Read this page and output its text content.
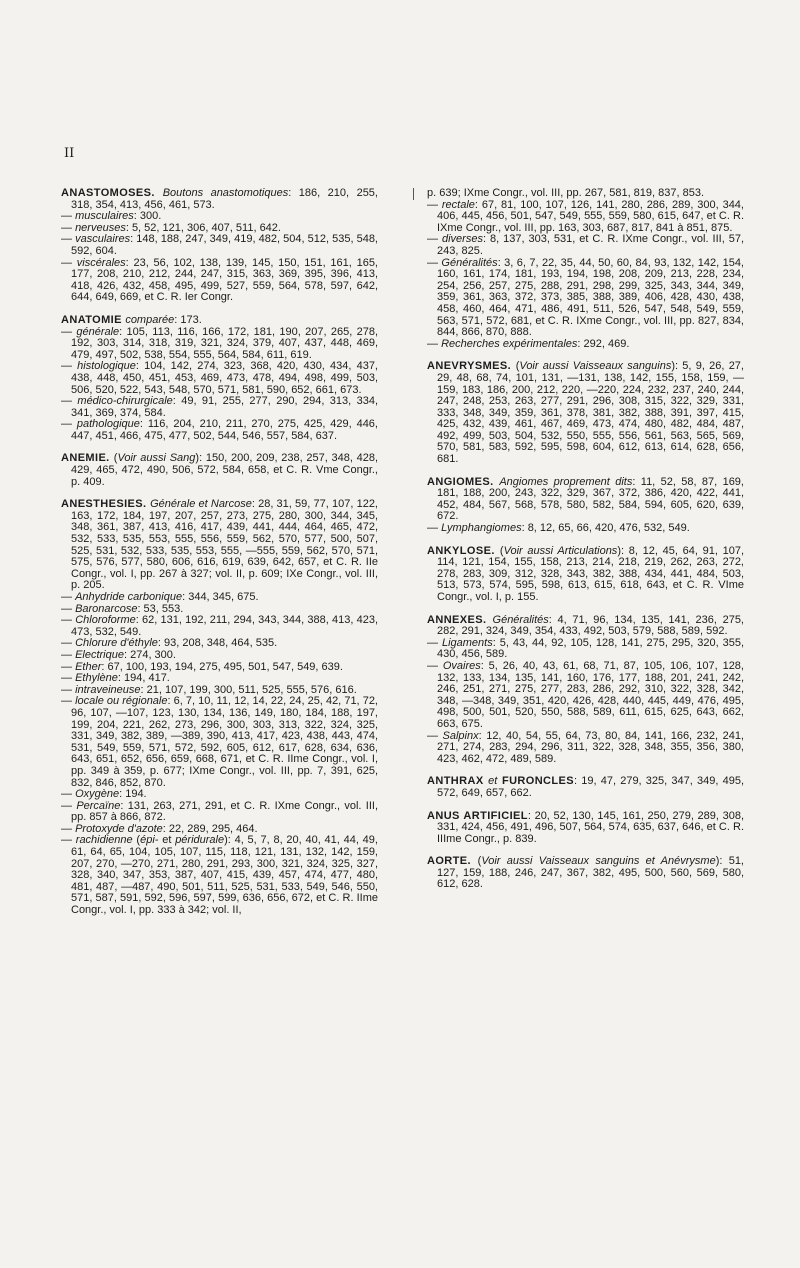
II

ANASTOMOSES. Boutons anastomotiques: 186, 210, 255, 318, 354, 413, 456, 461, 573.

— musculaires: 300.

— nerveuses: 5, 52, 121, 306, 407, 511, 642.

— vasculaires: 148, 188, 247, 349, 419, 482, 504, 512, 535, 548, 592, 604.

— viscérales: 23, 56, 102, 138, 139, 145, 150, 151, 161, 165, 177, 208, 210, 212, 244, 247, 315, 363, 369, 395, 396, 413, 418, 426, 432, 458, 495, 499, 527, 559, 564, 578, 597, 642, 644, 649, 669, et C. R. Ier Congr.

ANATOMIE comparée: 173.

— générale: 105, 113, 116, 166, 172, 181, 190, 207, 265, 278, 192, 303, 314, 318, 319, 321, 324, 379, 407, 437, 448, 469, 479, 497, 502, 538, 554, 555, 564, 584, 611, 619.

— histologique: 104, 142, 274, 323, 368, 420, 430, 434, 437, 438, 448, 450, 451, 453, 469, 473, 478, 494, 498, 499, 503, 506, 520, 522, 543, 548, 570, 571, 581, 590, 652, 661, 673.

— médico-chirurgicale: 49, 91, 255, 277, 290, 294, 313, 334, 341, 369, 374, 584.

— pathologique: 116, 204, 210, 211, 270, 275, 425, 429, 446, 447, 451, 466, 475, 477, 502, 544, 546, 557, 584, 637.

ANEMIE. (Voir aussi Sang): 150, 200, 209, 238, 257, 348, 428, 429, 465, 472, 490, 506, 572, 584, 658, et C. R. Vme Congr., p. 409.

ANESTHESIES. Générale et Narcose: 28, 31, 59, 77, 107, 122, 163, 172, 184, 197, 207, 257, 273, 275, 280, 300, 344, 345, 348, 361, 387, 413, 416, 417, 439, 441, 444, 464, 465, 472, 532, 533, 535, 553, 555, 556, 559, 562, 570, 577, 500, 507, 525, 531, 532, 533, 535, 553, 555, —555, 559, 562, 570, 571, 575, 576, 577, 580, 606, 616, 619, 639, 642, 657, et C. R. IIe Congr., vol. I, pp. 267 à 327; vol. II, p. 609; IXe Congr., vol. III, p. 205.

— Anhydride carbonique: 344, 345, 675.

— Baronarcose: 53, 553.

— Chloroforme: 62, 131, 192, 211, 294, 343, 344, 388, 413, 423, 473, 532, 549.

— Chlorure d'éthyle: 93, 208, 348, 464, 535.

— Electrique: 274, 300.

— Ether: 67, 100, 193, 194, 275, 495, 501, 547, 549, 639.

— Ethylène: 194, 417.

— intraveineuse: 21, 107, 199, 300, 511, 525, 555, 576, 616.

— locale ou régionale: 6, 7, 10, 11, 12, 14, 22, 24, 25, 42, 71, 72, 96, 107, —107, 123, 130, 134, 136, 149, 180, 184, 188, 197, 199, 204, 221, 262, 273, 296, 300, 303, 313, 322, 324, 325, 331, 349, 382, 389, —389, 390, 413, 417, 423, 438, 443, 474, 531, 549, 559, 571, 572, 592, 605, 612, 617, 628, 634, 636, 643, 651, 652, 656, 659, 668, 671, et C. R. IIme Congr., vol. I, pp. 349 à 359, p. 677; IXme Congr., vol. III, pp. 7, 391, 625, 832, 846, 852, 870.

— Oxygène: 194.

— Percaïne: 131, 263, 271, 291, et C. R. IXme Congr., vol. III, pp. 857 à 866, 872.

— Protoxyde d'azote: 22, 289, 295, 464.

— rachidienne (épi- et péridurale): 4, 5, 7, 8, 20, 40, 41, 44, 49, 61, 64, 65, 104, 105, 107, 115, 118, 121, 131, 132, 142, 159, 207, 270, —270, 271, 280, 291, 293, 300, 321, 324, 325, 327, 328, 340, 347, 353, 387, 407, 415, 439, 457, 474, 477, 480, 481, 487, —487, 490, 501, 511, 525, 531, 533, 549, 546, 550, 571, 587, 591, 592, 596, 597, 599, 636, 656, 672, et C. R. IIme Congr., vol. I, pp. 333 à 342; vol. II,

p. 639; IXme Congr., vol. III, pp. 267, 581, 819, 837, 853.

— rectale: 67, 81, 100, 107, 126, 141, 280, 286, 289, 300, 344, 406, 445, 456, 501, 547, 549, 555, 559, 580, 615, 647, et C. R. IXme Congr., vol. III, pp. 163, 303, 687, 817, 841 à 851, 875.

— diverses: 8, 137, 303, 531, et C. R. IXme Congr., vol. III, 57, 243, 825.

— Généralités: 3, 6, 7, 22, 35, 44, 50, 60, 84, 93, 132, 142, 154, 160, 161, 174, 181, 193, 194, 198, 208, 209, 213, 228, 234, 254, 256, 257, 275, 288, 291, 298, 299, 325, 343, 344, 349, 359, 361, 363, 372, 373, 385, 388, 389, 406, 428, 430, 438, 458, 460, 464, 471, 486, 491, 511, 526, 547, 548, 549, 559, 563, 571, 572, 681, et C. R. IXme Congr., vol. III, pp. 827, 834, 844, 866, 870, 888.

— Recherches expérimentales: 292, 469.

ANEVRYSMES. (Voir aussi Vaisseaux sanguins): 5, 9, 26, 27, 29, 48, 68, 74, 101, 131, —131, 138, 142, 155, 158, 159, —159, 183, 186, 200, 212, 220, —220, 224, 232, 237, 240, 244, 247, 248, 253, 263, 277, 291, 296, 308, 315, 322, 329, 331, 333, 348, 349, 359, 361, 378, 381, 382, 388, 391, 397, 415, 425, 432, 439, 461, 467, 469, 473, 474, 480, 482, 484, 487, 492, 499, 503, 504, 532, 550, 555, 556, 561, 563, 565, 569, 570, 581, 583, 592, 595, 598, 604, 612, 613, 614, 628, 656, 681.

ANGIOMES. Angiomes proprement dits: 11, 52, 58, 87, 169, 181, 188, 200, 243, 322, 329, 367, 372, 386, 420, 422, 441, 452, 484, 567, 568, 578, 580, 582, 584, 594, 605, 620, 639, 672.

— Lymphangiomes: 8, 12, 65, 66, 420, 476, 532, 549.

ANKYLOSE. (Voir aussi Articulations): 8, 12, 45, 64, 91, 107, 114, 121, 154, 155, 158, 213, 214, 218, 219, 262, 263, 272, 278, 283, 309, 312, 328, 343, 382, 388, 434, 441, 484, 503, 513, 573, 574, 595, 598, 613, 615, 618, 643, et C. R. VIme Congr., vol. I, p. 155.

ANNEXES. Généralités: 4, 71, 96, 134, 135, 141, 236, 275, 282, 291, 324, 349, 354, 433, 492, 503, 579, 588, 589, 592.

— Ligaments: 5, 43, 44, 92, 105, 128, 141, 275, 295, 320, 355, 430, 456, 589.

— Ovaires: 5, 26, 40, 43, 61, 68, 71, 87, 105, 106, 107, 128, 132, 133, 134, 135, 141, 160, 176, 177, 188, 201, 241, 242, 246, 251, 271, 275, 277, 283, 286, 292, 310, 322, 328, 342, 348, —348, 349, 351, 420, 426, 428, 440, 445, 449, 476, 495, 498, 500, 501, 520, 550, 588, 589, 611, 615, 625, 643, 662, 663, 675.

— Salpinx: 12, 40, 54, 55, 64, 73, 80, 84, 141, 166, 232, 241, 271, 274, 283, 294, 296, 311, 322, 328, 348, 355, 356, 380, 423, 462, 472, 489, 589.

ANTHRAX et FURONCLES: 19, 47, 279, 325, 347, 349, 495, 572, 649, 657, 662.

ANUS ARTIFICIEL: 20, 52, 130, 145, 161, 250, 279, 289, 308, 331, 424, 456, 491, 496, 507, 564, 574, 635, 637, 646, et C. R. IIIme Congr., p. 839.

AORTE. (Voir aussi Vaisseaux sanguins et Anévrysme): 51, 127, 159, 188, 246, 247, 367, 382, 495, 500, 560, 569, 580, 612, 628.
